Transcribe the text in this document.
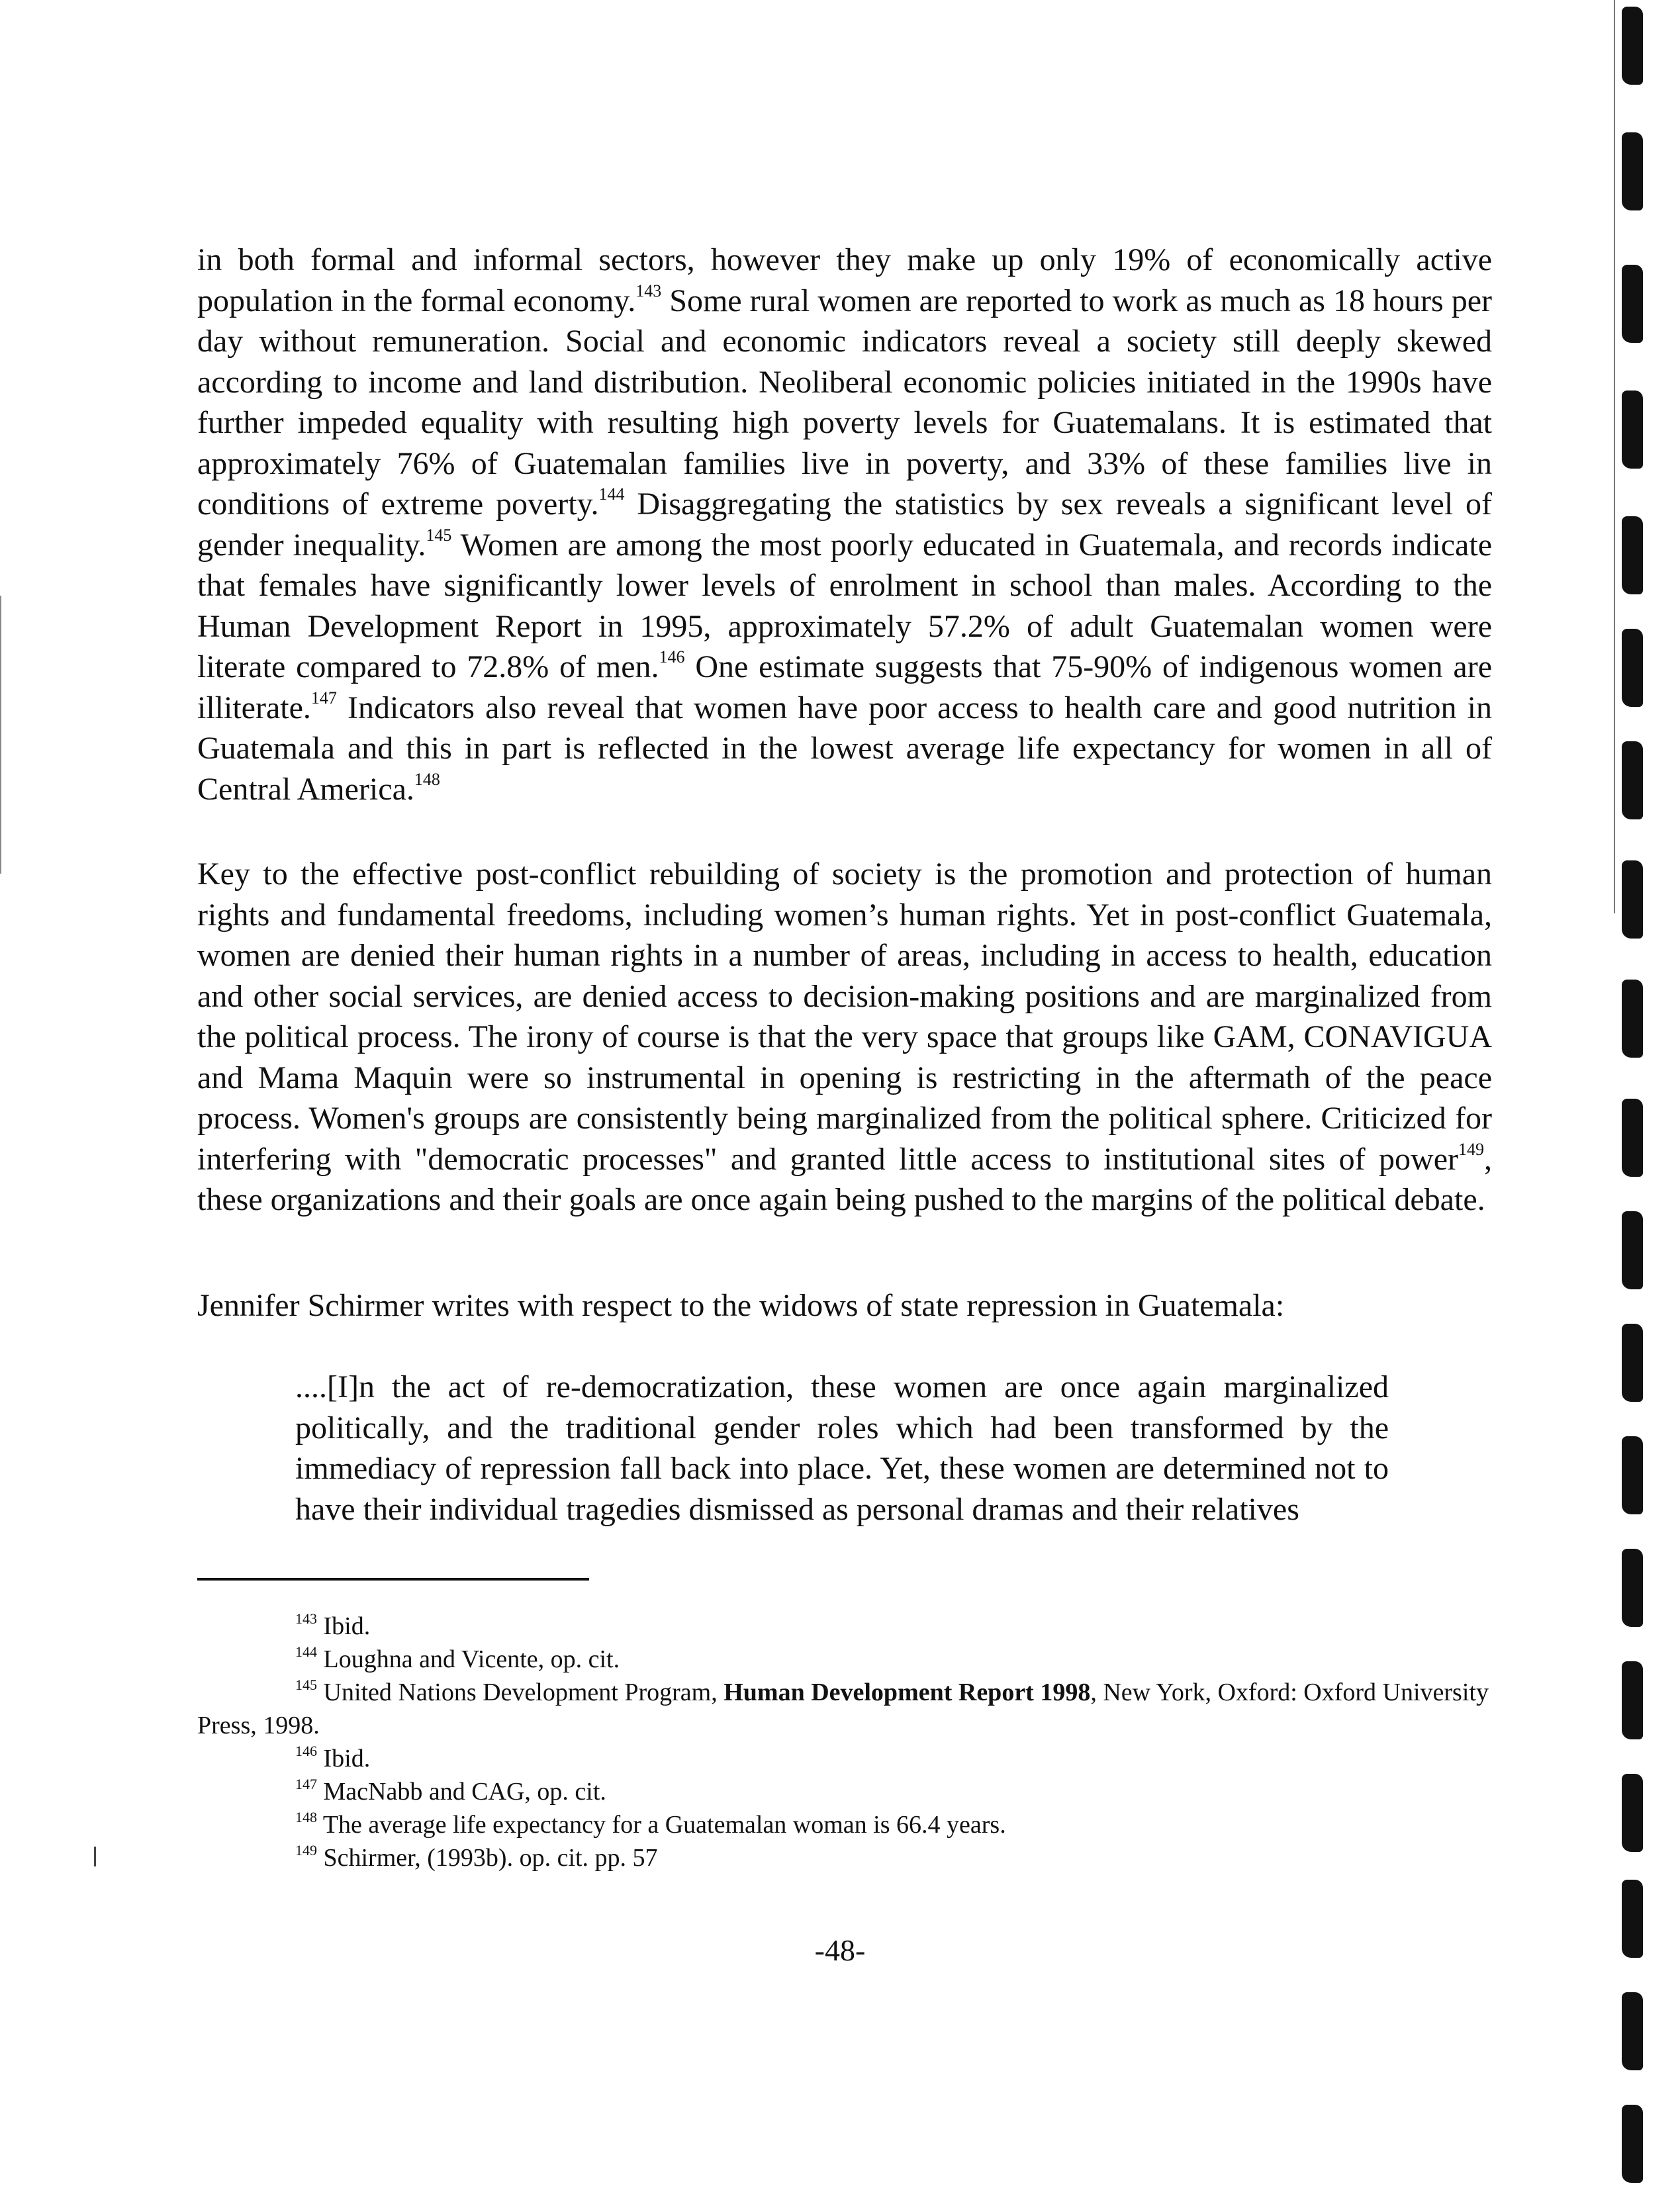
in both formal and informal sectors, however they make up only 19% of economically active population in the formal economy.$^{143}$ Some rural women are reported to work as much as 18 hours per day without remuneration. Social and economic indicators reveal a society still deeply skewed according to income and land distribution. Neoliberal economic policies initiated in the 1990s have further impeded equality with resulting high poverty levels for Guatemalans. It is estimated that approximately 76% of Guatemalan families live in poverty, and 33% of these families live in conditions of extreme poverty.$^{144}$ Disaggregating the statistics by sex reveals a significant level of gender inequality.$^{145}$ Women are among the most poorly educated in Guatemala, and records indicate that females have significantly lower levels of enrolment in school than males. According to the Human Development Report in 1995, approximately 57.2% of adult Guatemalan women were literate compared to 72.8% of men.$^{146}$ One estimate suggests that 75-90% of indigenous women are illiterate.$^{147}$ Indicators also reveal that women have poor access to health care and good nutrition in Guatemala and this in part is reflected in the lowest average life expectancy for women in all of Central America.$^{148}$

Key to the effective post-conflict rebuilding of society is the promotion and protection of human rights and fundamental freedoms, including women’s human rights. Yet in post-conflict Guatemala, women are denied their human rights in a number of areas, including in access to health, education and other social services, are denied access to decision-making positions and are marginalized from the political process. The irony of course is that the very space that groups like GAM, CONAVIGUA and Mama Maquin were so instrumental in opening is restricting in the aftermath of the peace process. Women's groups are consistently being marginalized from the political sphere. Criticized for interfering with "democratic processes" and granted little access to institutional sites of power$^{149}$, these organizations and their goals are once again being pushed to the margins of the political debate.

Jennifer Schirmer writes with respect to the widows of state repression in Guatemala:

....[I]n the act of re-democratization, these women are once again marginalized politically, and the traditional gender roles which had been transformed by the immediacy of repression fall back into place. Yet, these women are determined not to have their individual tragedies dismissed as personal dramas and their relatives

$^{143}$ Ibid.

$^{144}$ Loughna and Vicente, op. cit.

$^{145}$ United Nations Development Program, Human Development Report 1998, New York, Oxford: Oxford University Press, 1998.

$^{146}$ Ibid.

$^{147}$ MacNabb and CAG, op. cit.

$^{148}$ The average life expectancy for a Guatemalan woman is 66.4 years.

$^{149}$ Schirmer, (1993b). op. cit. pp. 57

-48-
